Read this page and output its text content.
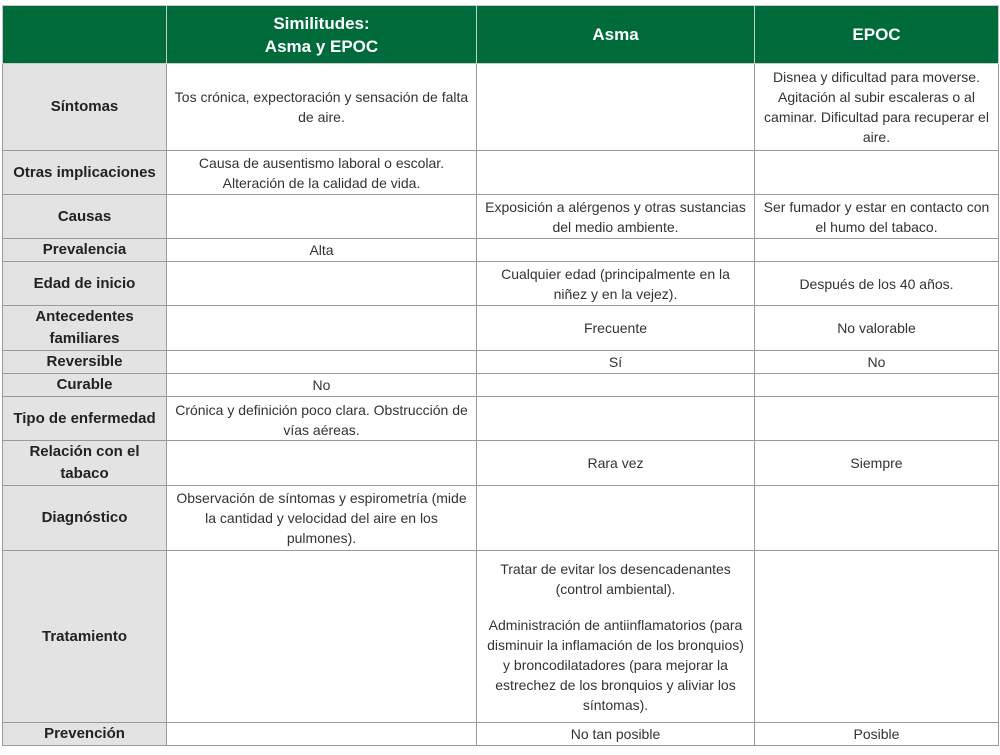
	Similitudes:
Asma y EPOC	Asma	EPOC
Síntomas	Tos crónica, expectoración y sensación de falta de aire.		Disnea y dificultad para moverse. Agitación al subir escaleras o al caminar. Dificultad para recuperar el aire.
Otras implicaciones	Causa de ausentismo laboral o escolar. Alteración de la calidad de vida.		
Causas		Exposición a alérgenos y otras sustancias del medio ambiente.	Ser fumador y estar en contacto con el humo del tabaco.
Prevalencia	Alta		
Edad de inicio		Cualquier edad (principalmente en la niñez y en la vejez).	Después de los 40 años.
Antecedentes familiares		Frecuente	No valorable
Reversible		Sí	No
Curable	No		
Tipo de enfermedad	Crónica y definición poco clara. Obstrucción de vías aéreas.		
Relación con el tabaco		Rara vez	Siempre
Diagnóstico	Observación de síntomas y espirometría (mide la cantidad y velocidad del aire en los pulmones).		
Tratamiento		Tratar de evitar los desencadenantes (control ambiental).
Administración de antiinflamatorios (para disminuir la inflamación de los bronquios) y broncodilatadores (para mejorar la estrechez de los bronquios y aliviar los síntomas).	
Prevención		No tan posible	Posible
